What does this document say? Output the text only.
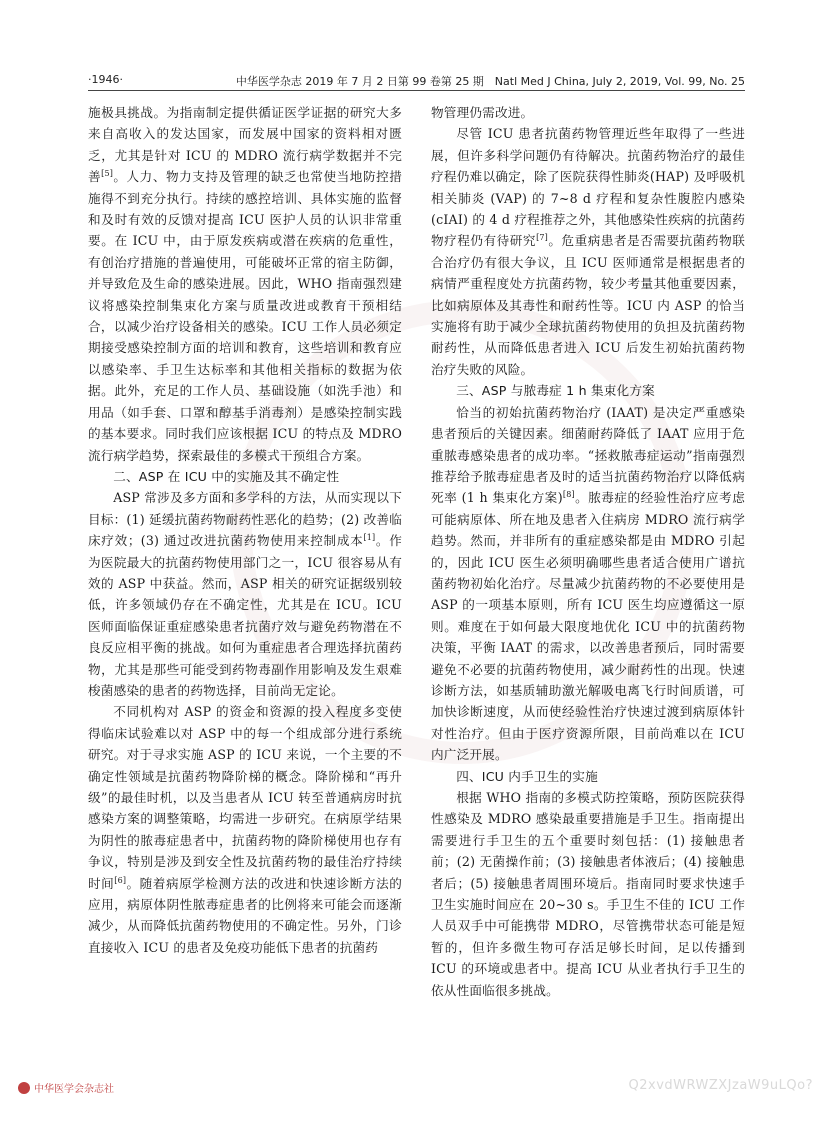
·1946·	中华医学杂志 2019 年 7 月 2 日第 99 卷第 25 期　Natl Med J China, July 2, 2019, Vol. 99, No. 25

施极具挑战。为指南制定提供循证医学证据的研究大多来自高收入的发达国家，而发展中国家的资料相对匮乏，尤其是针对 ICU 的 MDRO 流行病学数据并不完善[5]。人力、物力支持及管理的缺乏也常使当地防控措施得不到充分执行。持续的感控培训、具体实施的监督和及时有效的反馈对提高 ICU 医护人员的认识非常重要。在 ICU 中，由于原发疾病或潜在疾病的危重性，有创治疗措施的普遍使用，可能破坏正常的宿主防御，并导致危及生命的感染进展。因此，WHO 指南强烈建议将感染控制集束化方案与质量改进或教育干预相结合，以减少治疗设备相关的感染。ICU 工作人员必须定期接受感染控制方面的培训和教育，这些培训和教育应以感染率、手卫生达标率和其他相关指标的数据为依据。此外，充足的工作人员、基础设施（如洗手池）和用品（如手套、口罩和醇基手消毒剂）是感染控制实践的基本要求。同时我们应该根据 ICU 的特点及 MDRO 流行病学趋势，探索最佳的多模式干预组合方案。

二、ASP 在 ICU 中的实施及其不确定性

ASP 常涉及多方面和多学科的方法，从而实现以下目标：(1) 延缓抗菌药物耐药性恶化的趋势；(2) 改善临床疗效；(3) 通过改进抗菌药物使用来控制成本[1]。作为医院最大的抗菌药物使用部门之一，ICU 很容易从有效的 ASP 中获益。然而，ASP 相关的研究证据级别较低，许多领域仍存在不确定性，尤其是在 ICU。ICU 医师面临保证重症感染患者抗菌疗效与避免药物潜在不良反应相平衡的挑战。如何为重症患者合理选择抗菌药物，尤其是那些可能受到药物毒副作用影响及发生艰难梭菌感染的患者的药物选择，目前尚无定论。

不同机构对 ASP 的资金和资源的投入程度多变使得临床试验难以对 ASP 中的每一个组成部分进行系统研究。对于寻求实施 ASP 的 ICU 来说，一个主要的不确定性领域是抗菌药物降阶梯的概念。降阶梯和“再升级”的最佳时机，以及当患者从 ICU 转至普通病房时抗感染方案的调整策略，均需进一步研究。在病原学结果为阴性的脓毒症患者中，抗菌药物的降阶梯使用也存有争议，特别是涉及到安全性及抗菌药物的最佳治疗持续时间[6]。随着病原学检测方法的改进和快速诊断方法的应用，病原体阴性脓毒症患者的比例将来可能会而逐渐减少，从而降低抗菌药物使用的不确定性。另外，门诊直接收入 ICU 的患者及免疫功能低下患者的抗菌药

物管理仍需改进。

尽管 ICU 患者抗菌药物管理近些年取得了一些进展，但许多科学问题仍有待解决。抗菌药物治疗的最佳疗程仍难以确定，除了医院获得性肺炎(HAP) 及呼吸机相关肺炎 (VAP) 的 7~8 d 疗程和复杂性腹腔内感染 (cIAI) 的 4 d 疗程推荐之外，其他感染性疾病的抗菌药物疗程仍有待研究[7]。危重病患者是否需要抗菌药物联合治疗仍有很大争议，且 ICU 医师通常是根据患者的病情严重程度处方抗菌药物，较少考量其他重要因素，比如病原体及其毒性和耐药性等。ICU 内 ASP 的恰当实施将有助于减少全球抗菌药物使用的负担及抗菌药物耐药性，从而降低患者进入 ICU 后发生初始抗菌药物治疗失败的风险。

三、ASP 与脓毒症 1 h 集束化方案

恰当的初始抗菌药物治疗 (IAAT) 是决定严重感染患者预后的关键因素。细菌耐药降低了 IAAT 应用于危重脓毒感染患者的成功率。“拯救脓毒症运动”指南强烈推荐给予脓毒症患者及时的适当抗菌药物治疗以降低病死率 (1 h 集束化方案)[8]。脓毒症的经验性治疗应考虑可能病原体、所在地及患者入住病房 MDRO 流行病学趋势。然而，并非所有的重症感染都是由 MDRO 引起的，因此 ICU 医生必须明确哪些患者适合使用广谱抗菌药物初始化治疗。尽量减少抗菌药物的不必要使用是 ASP 的一项基本原则，所有 ICU 医生均应遵循这一原则。难度在于如何最大限度地优化 ICU 中的抗菌药物决策，平衡 IAAT 的需求，以改善患者预后，同时需要避免不必要的抗菌药物使用，减少耐药性的出现。快速诊断方法，如基质辅助激光解吸电离飞行时间质谱，可加快诊断速度，从而使经验性治疗快速过渡到病原体针对性治疗。但由于医疗资源所限，目前尚难以在 ICU 内广泛开展。

四、ICU 内手卫生的实施

根据 WHO 指南的多模式防控策略，预防医院获得性感染及 MDRO 感染最重要措施是手卫生。指南提出需要进行手卫生的五个重要时刻包括：(1) 接触患者前；(2) 无菌操作前；(3) 接触患者体液后；(4) 接触患者后；(5) 接触患者周围环境后。指南同时要求快速手卫生实施时间应在 20~30 s。手卫生不佳的 ICU 工作人员双手中可能携带 MDRO，尽管携带状态可能是短暂的，但许多微生物可存活足够长时间，足以传播到 ICU 的环境或患者中。提高 ICU 从业者执行手卫生的依从性面临很多挑战。

中华医学会杂志社	Q2xvdWRWZXJzaW9uLQo?
